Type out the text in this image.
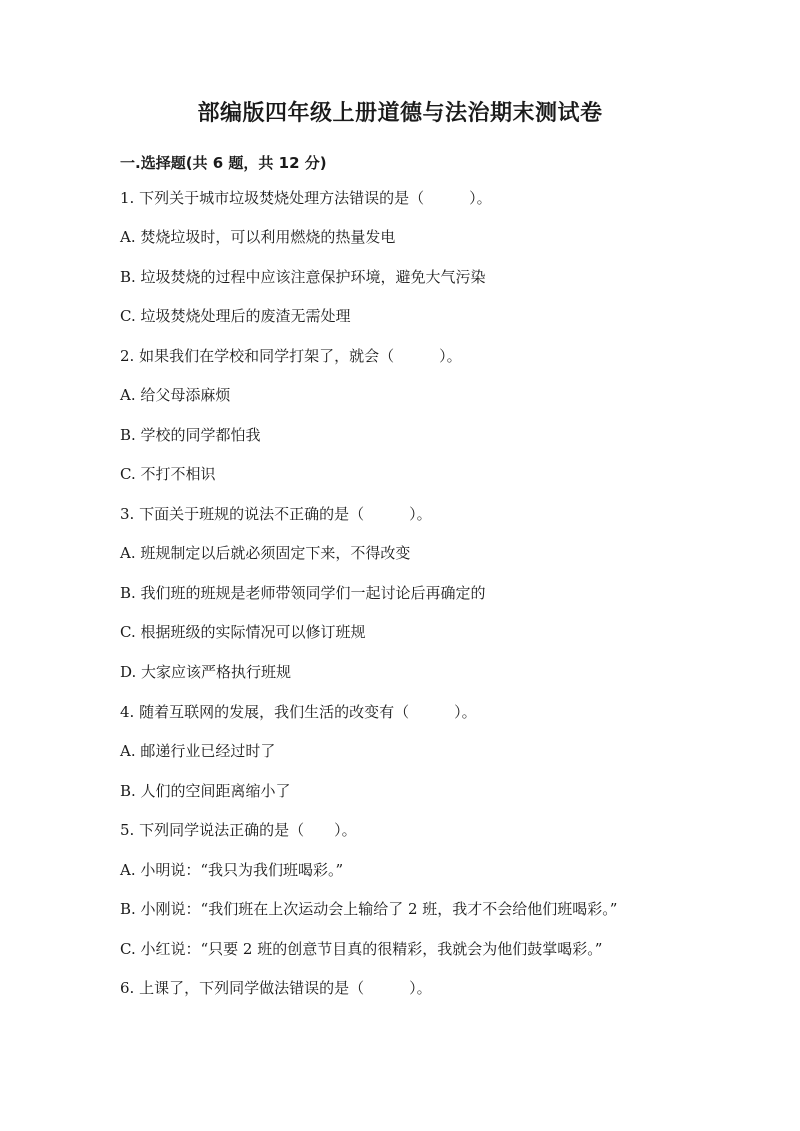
部编版四年级上册道德与法治期末测试卷
一.选择题(共 6 题，共 12 分)
1. 下列关于城市垃圾焚烧处理方法错误的是（　　　）。
A. 焚烧垃圾时，可以利用燃烧的热量发电
B. 垃圾焚烧的过程中应该注意保护环境，避免大气污染
C. 垃圾焚烧处理后的废渣无需处理
2. 如果我们在学校和同学打架了，就会（　　　）。
A. 给父母添麻烦
B. 学校的同学都怕我
C. 不打不相识
3. 下面关于班规的说法不正确的是（　　　）。
A. 班规制定以后就必须固定下来，不得改变
B. 我们班的班规是老师带领同学们一起讨论后再确定的
C. 根据班级的实际情况可以修订班规
D. 大家应该严格执行班规
4. 随着互联网的发展，我们生活的改变有（　　　）。
A. 邮递行业已经过时了
B. 人们的空间距离缩小了
5. 下列同学说法正确的是（　　）。
A. 小明说：“我只为我们班喝彩。”
B. 小刚说：“我们班在上次运动会上输给了 2 班，我才不会给他们班喝彩。”
C. 小红说：“只要 2 班的创意节目真的很精彩，我就会为他们鼓掌喝彩。”
6. 上课了，下列同学做法错误的是（　　　）。
